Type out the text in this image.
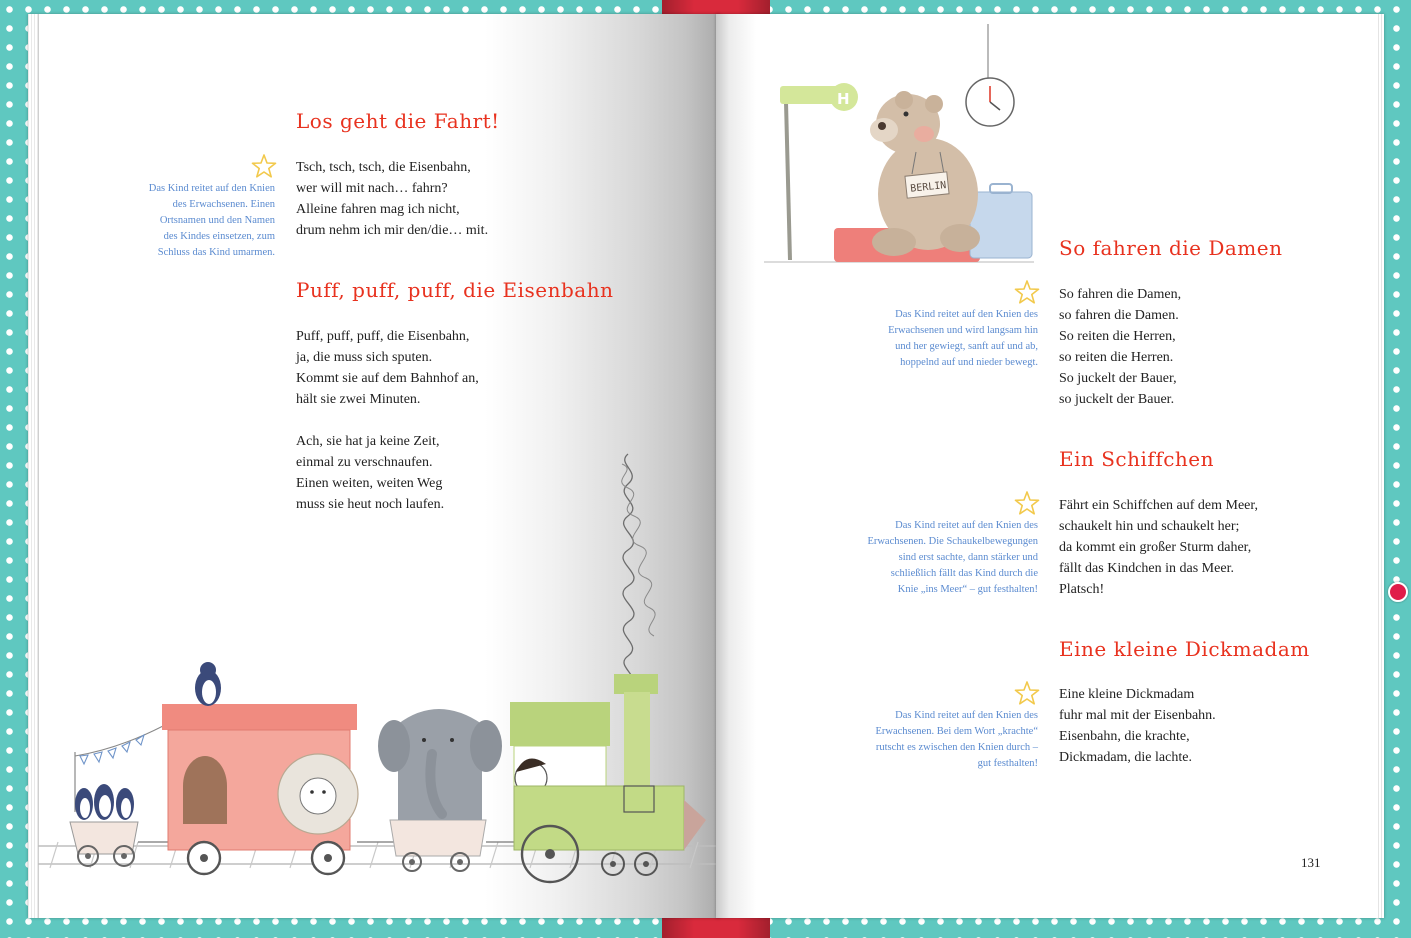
Los geht die Fahrt!
Das Kind reitet auf den Knien
des Erwachsenen. Einen
Ortsnamen und den Namen
des Kindes einsetzen, zum
Schluss das Kind umarmen.
Tsch, tsch, tsch, die Eisenbahn,
wer will mit nach… fahrn?
Alleine fahren mag ich nicht,
drum nehm ich mir den/die… mit.
Puff, puff, puff, die Eisenbahn
Puff, puff, puff, die Eisenbahn,
ja, die muss sich sputen.
Kommt sie auf dem Bahnhof an,
hält sie zwei Minuten.
Ach, sie hat ja keine Zeit,
einmal zu verschnaufen.
Einen weiten, weiten Weg
muss sie heut noch laufen.
H
BERLIN
So fahren die Damen
Das Kind reitet auf den Knien des
Erwachsenen und wird langsam hin
und her gewiegt, sanft auf und ab,
hoppelnd auf und nieder bewegt.
So fahren die Damen,
so fahren die Damen.
So reiten die Herren,
so reiten die Herren.
So juckelt der Bauer,
so juckelt der Bauer.
Ein Schiffchen
Das Kind reitet auf den Knien des
Erwachsenen. Die Schaukelbewegungen
sind erst sachte, dann stärker und
schließlich fällt das Kind durch die
Knie „ins Meer“ – gut festhalten!
Fährt ein Schiffchen auf dem Meer,
schaukelt hin und schaukelt her;
da kommt ein großer Sturm daher,
fällt das Kindchen in das Meer.
Platsch!
Eine kleine Dickmadam
Das Kind reitet auf den Knien des
Erwachsenen. Bei dem Wort „krachte“
rutscht es zwischen den Knien durch –
gut festhalten!
Eine kleine Dickmadam
fuhr mal mit der Eisenbahn.
Eisenbahn, die krachte,
Dickmadam, die lachte.
131
